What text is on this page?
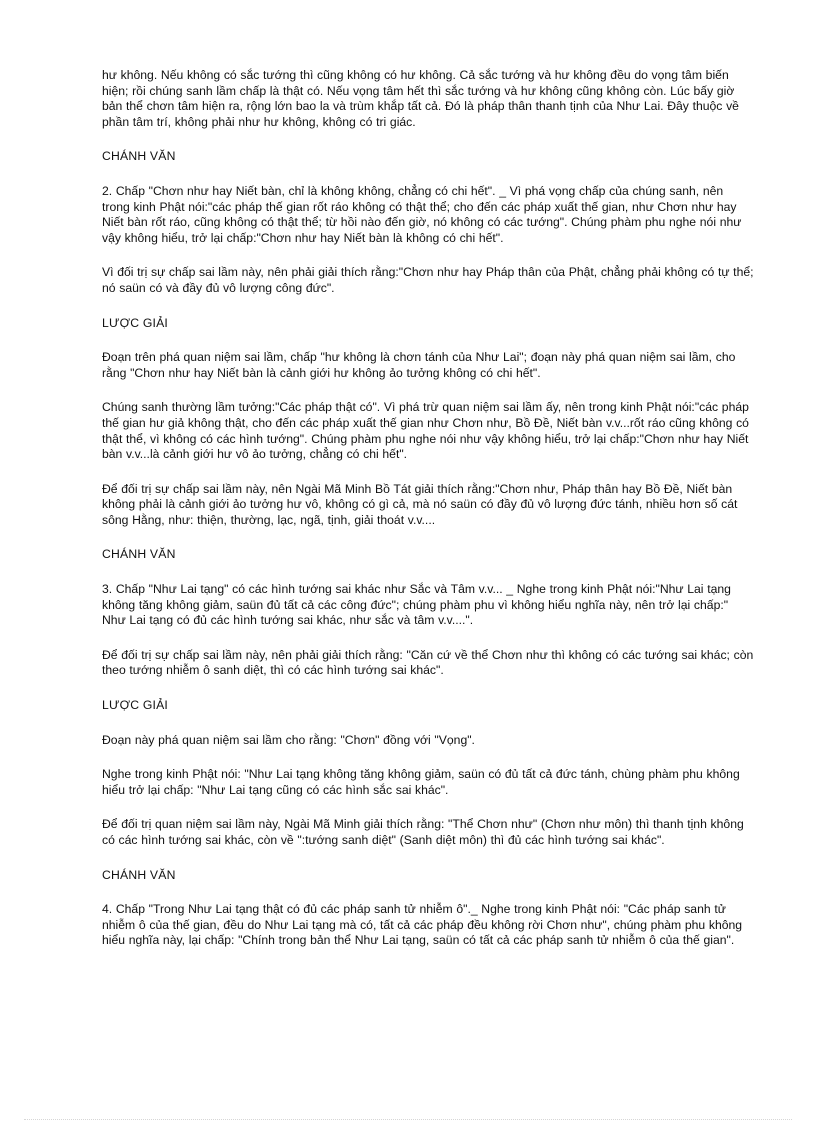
hư không. Nếu không có sắc tướng thì cũng không có hư không. Cả sắc tướng và hư không đều do vọng tâm biến hiện; rồi chúng sanh lầm chấp là thật có. Nếu vọng tâm hết thì sắc tướng và hư không cũng không còn. Lúc bấy giờ bản thể chơn tâm hiện ra, rộng lớn bao la và trùm khắp tất cả. Đó là pháp thân thanh tịnh của Như Lai. Đây thuộc về phần tâm trí, không phải như hư không, không có tri giác.

CHÁNH VĂN

2. Chấp "Chơn như hay Niết bàn, chỉ là không không, chẳng có chi hết". _ Vì phá vọng chấp của chúng sanh, nên trong kinh Phật nói:"các pháp thế gian rốt ráo không có thật thể; cho đến các pháp xuất thế gian, như Chơn như hay Niết bàn rốt ráo, cũng không có thật thể; từ hồi nào đến giờ, nó không có các tướng". Chúng phàm phu nghe nói như vậy không hiểu, trở lại chấp:"Chơn như hay Niết bàn là không có chi hết".

Vì đối trị sự chấp sai lầm này, nên phải giải thích rằng:"Chơn như hay Pháp thân của Phật, chẳng phải không có tự thể; nó saün có và đầy đủ vô lượng công đức".

LƯỢC GIẢI

Đoạn trên phá quan niệm sai lầm, chấp "hư không là chơn tánh của Như Lai"; đoạn này phá quan niệm sai lầm, cho rằng "Chơn như hay Niết bàn là cảnh giới hư không ảo tưởng không có chi hết".

Chúng sanh thường lầm tưởng:"Các pháp thật có". Vì phá trừ quan niệm sai lầm ấy, nên trong kinh Phật nói:"các pháp thế gian hư giả không thật, cho đến các pháp xuất thế gian như Chơn như, Bồ Đề, Niết bàn v.v...rốt ráo cũng không có thật thể, vì không có các hình tướng". Chúng phàm phu nghe nói như vậy không hiểu, trở lại chấp:"Chơn như hay Niết bàn v.v...là cảnh giới hư vô ảo tưởng, chẳng có chi hết".

Để đối trị sự chấp sai lầm này, nên Ngài Mã Minh Bồ Tát giải thích rằng:"Chơn như, Pháp thân hay Bồ Đề, Niết bàn không phải là cảnh giới ảo tưởng hư vô, không có gì cả, mà nó saün có đầy đủ vô lượng đức tánh, nhiều hơn số cát sông Hằng, như: thiện, thường, lạc, ngã, tịnh, giải thoát v.v....

CHÁNH VĂN

3. Chấp "Như Lai tạng" có các hình tướng sai khác như Sắc và Tâm v.v... _ Nghe trong kinh Phật nói:"Như Lai tạng không tăng không giảm, saün đủ tất cả các công đức"; chúng phàm phu vì không hiểu nghĩa này, nên trở lại chấp:" Như Lai tạng có đủ các hình tướng sai khác, như sắc và tâm v.v....".

Để đối trị sự chấp sai lầm này, nên phải giải thích rằng: "Căn cứ về thể Chơn như thì không có các tướng sai khác; còn theo tướng nhiễm ô sanh diệt, thì có các hình tướng sai khác".

LƯỢC GIẢI

Đoạn này phá quan niệm sai lầm cho rằng: "Chơn" đồng với "Vọng".

Nghe trong kinh Phật nói: "Như Lai tạng không tăng không giảm, saün có đủ tất cả đức tánh, chùng phàm phu không hiểu trở lại chấp: "Như Lai tạng cũng có các hình sắc sai khác".

Để đối trị quan niệm sai lầm này, Ngài Mã Minh giải thích rằng: "Thể Chơn như" (Chơn như môn) thì thanh tịnh không có các hình tướng sai khác, còn về ":tướng sanh diệt" (Sanh diệt môn) thì đủ các hình tướng sai khác".

CHÁNH VĂN

4. Chấp "Trong Như Lai tạng thật có đủ các pháp sanh tử nhiễm ô"._ Nghe trong kinh Phật nói: "Các pháp sanh tử nhiễm ô của thế gian, đều do Như Lai tạng mà có, tất cả các pháp đều không rời Chơn như", chúng phàm phu không hiểu nghĩa này, lại chấp: "Chính trong bản thể Như Lai tạng, saün có tất cả các pháp sanh tử nhiễm ô của thế gian".
